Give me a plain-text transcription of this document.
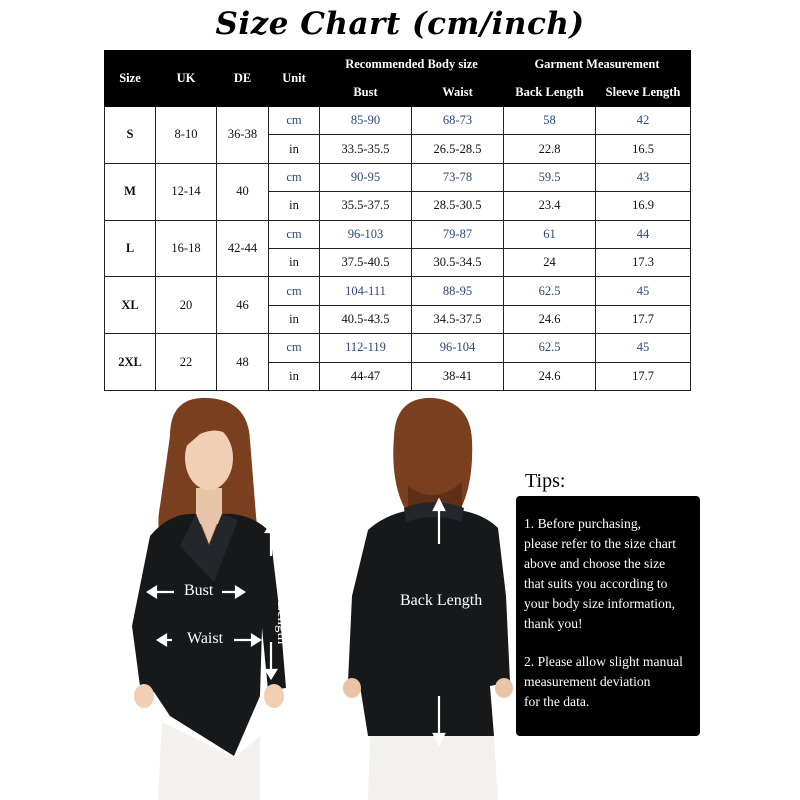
Size Chart (cm/inch)
Size	UK	DE	Unit	Recommended Body size		Garment Measurement	
				Bust	Waist	Back Length	Sleeve Length
S	8-10	36-38	cm	85-90	68-73	58	42
			in	33.5-35.5	26.5-28.5	22.8	16.5
M	12-14	40	cm	90-95	73-78	59.5	43
			in	35.5-37.5	28.5-30.5	23.4	16.9
L	16-18	42-44	cm	96-103	79-87	61	44
			in	37.5-40.5	30.5-34.5	24	17.3
XL	20	46	cm	104-111	88-95	62.5	45
			in	40.5-43.5	34.5-37.5	24.6	17.7
2XL	22	48	cm	112-119	96-104	62.5	45
			in	44-47	38-41	24.6	17.7
Bust
Waist	Sleeve Length	Back Length
Tips:

1. Before purchasing,
please refer to the size chart
above and choose the size
that suits you according to
your body size information,
thank you!

2. Please allow slight manual
measurement deviation
for the data.
